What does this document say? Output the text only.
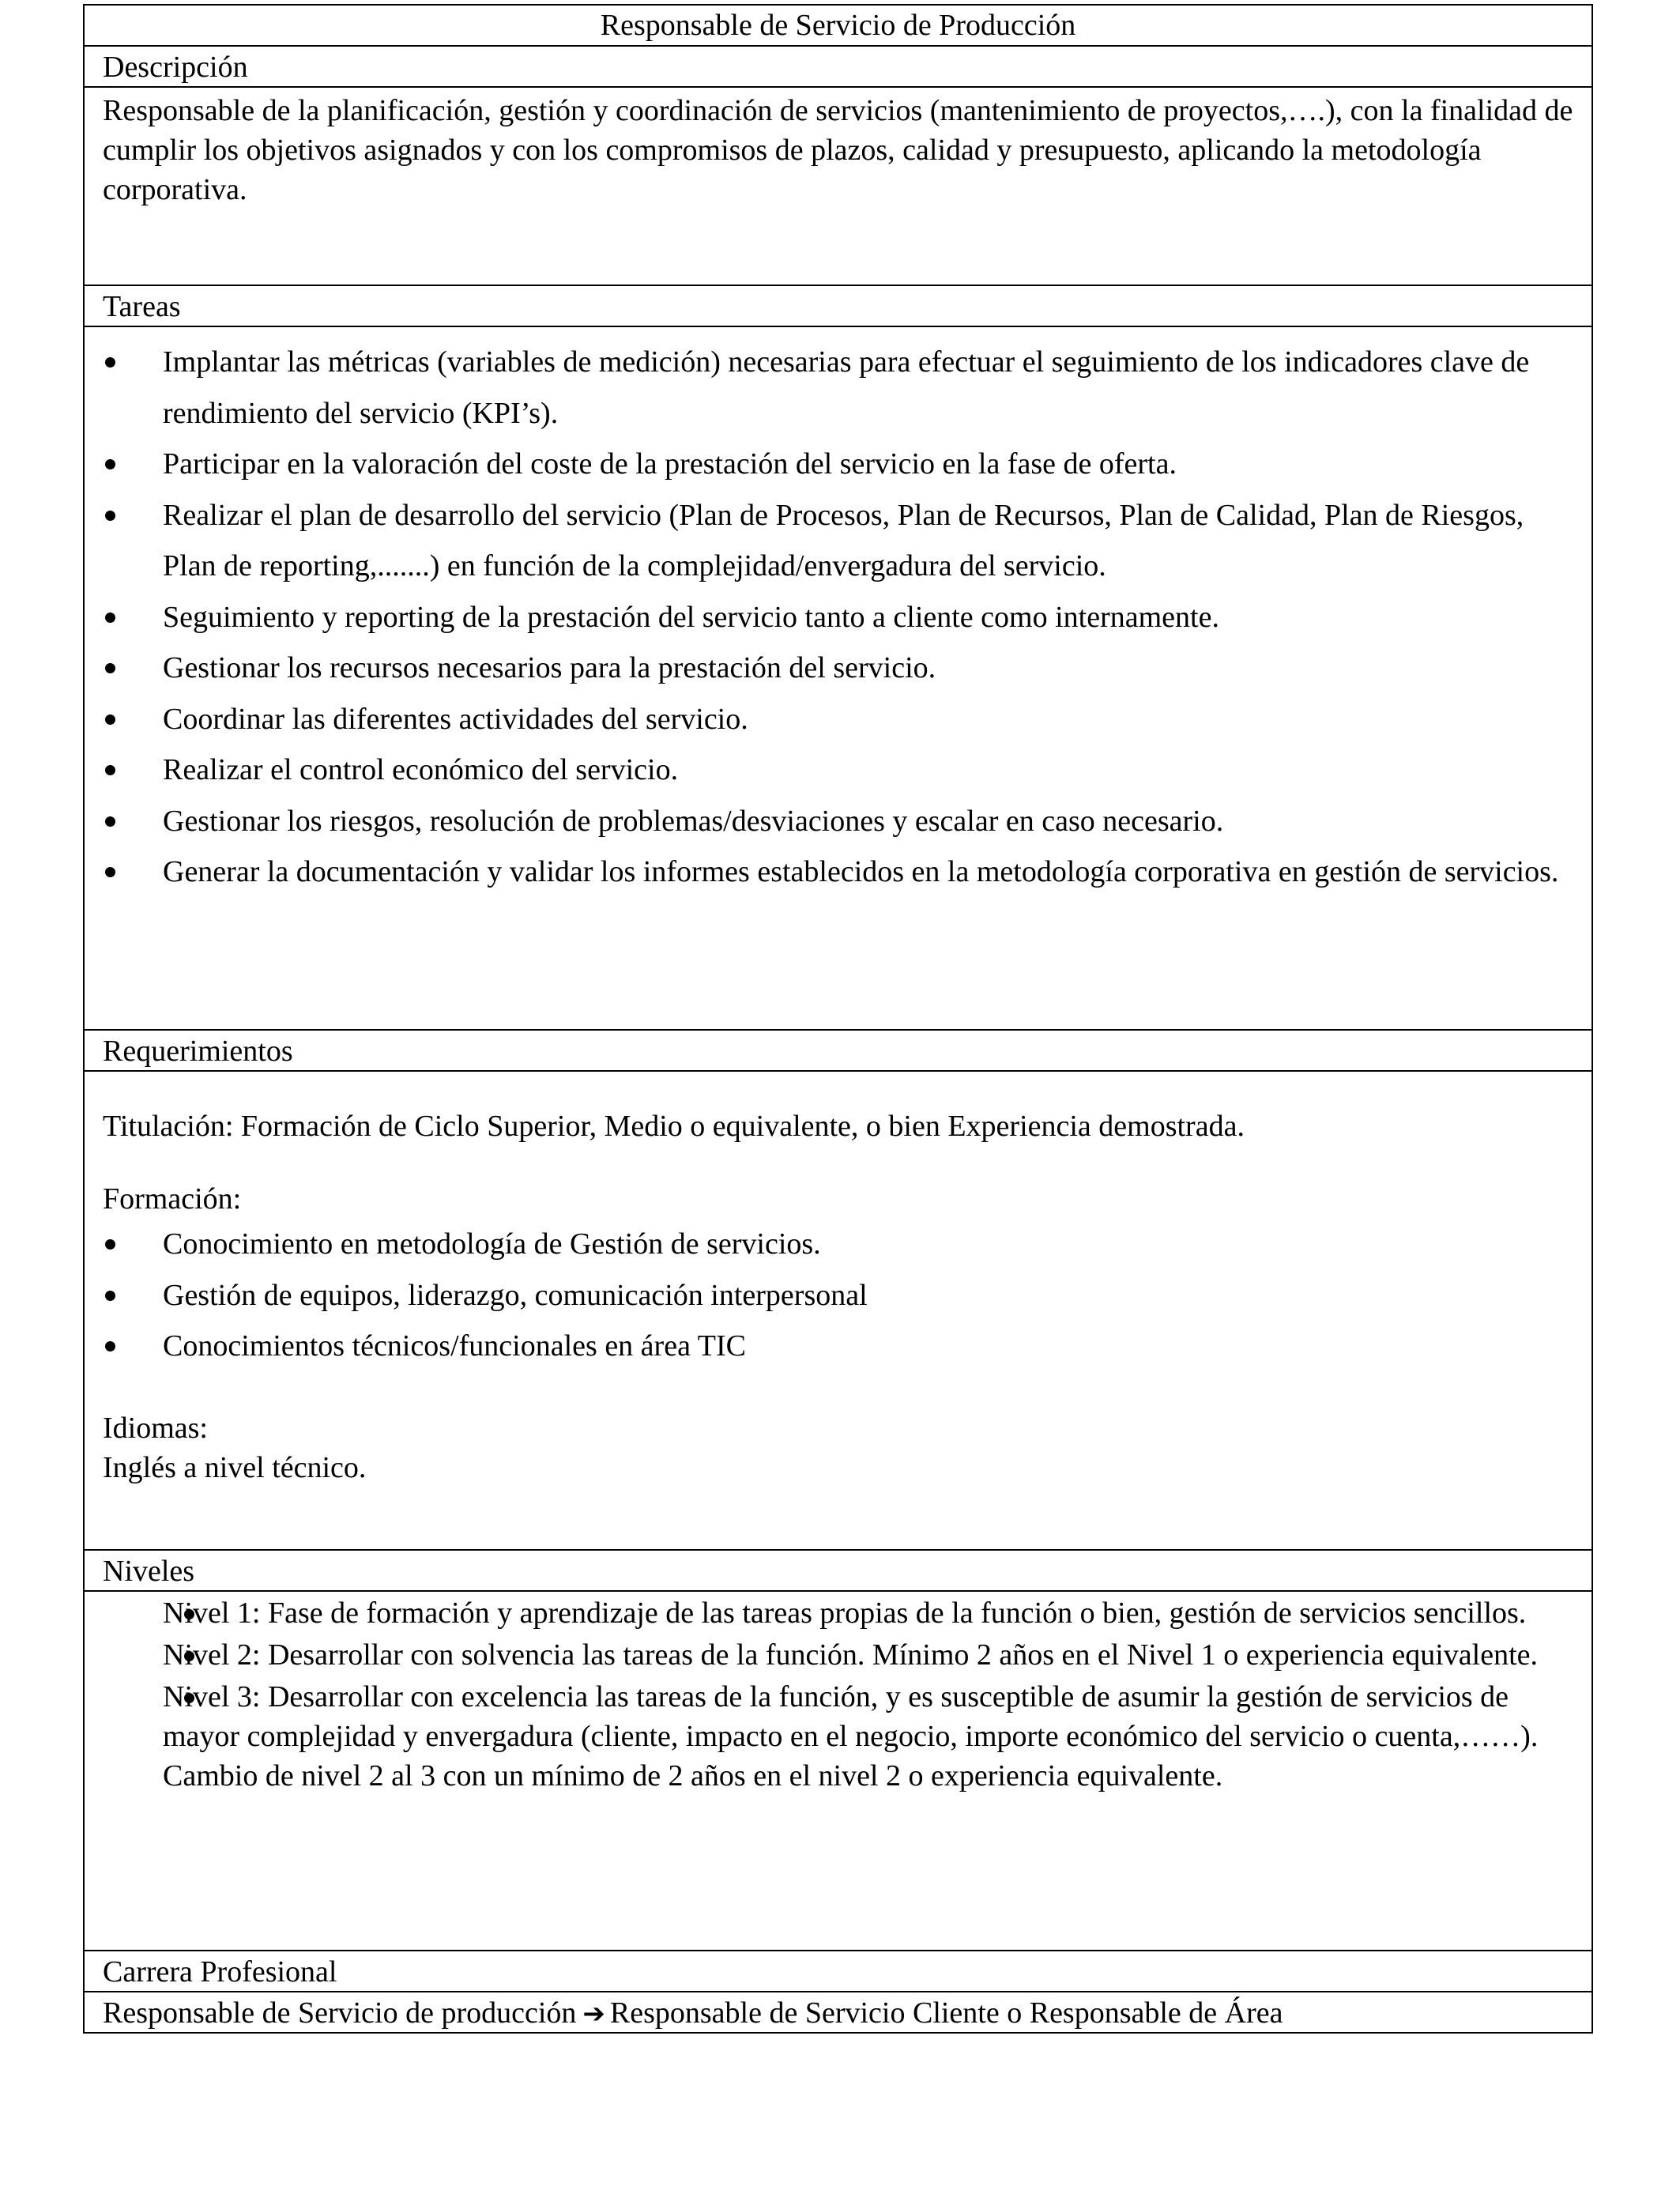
Responsable de Servicio de Producción
Descripción
Responsable de la planificación, gestión y coordinación de servicios (mantenimiento de proyectos,….), con la finalidad de cumplir los objetivos asignados y con los compromisos de plazos, calidad y presupuesto, aplicando la metodología corporativa.
Tareas
Implantar las métricas (variables de medición) necesarias para efectuar el seguimiento de los indicadores clave de rendimiento del servicio (KPI’s).
Participar en la valoración del coste de la prestación del servicio en la fase de oferta.
Realizar el plan de desarrollo del servicio (Plan de Procesos, Plan de Recursos, Plan de Calidad, Plan de Riesgos, Plan de reporting,.......) en función de la complejidad/envergadura del servicio.
Seguimiento y reporting de la prestación del servicio tanto a cliente como internamente.
Gestionar los recursos necesarios para la prestación del servicio.
Coordinar las diferentes actividades del servicio.
Realizar el control económico del servicio.
Gestionar los riesgos, resolución de problemas/desviaciones y escalar en caso necesario.
Generar la documentación y validar los informes establecidos en la metodología corporativa en gestión de servicios.
Requerimientos
Titulación: Formación de Ciclo Superior, Medio o equivalente, o bien Experiencia demostrada.
Formación:
Conocimiento en metodología de Gestión de servicios.
Gestión de equipos, liderazgo, comunicación interpersonal
Conocimientos técnicos/funcionales en área TIC
Idiomas:
Inglés a nivel técnico.
Niveles
Nivel 1: Fase de formación y aprendizaje de las tareas propias de la función o bien, gestión de servicios sencillos.
Nivel 2: Desarrollar con solvencia las tareas de la función. Mínimo 2 años en el Nivel 1 o experiencia equivalente.
Nivel 3: Desarrollar con excelencia las tareas de la función, y es susceptible de asumir la gestión de servicios de mayor complejidad y envergadura (cliente, impacto en el negocio, importe económico del servicio o cuenta,……). Cambio de nivel 2 al 3 con un mínimo de 2 años en el nivel 2 o experiencia equivalente.
Carrera Profesional
Responsable de Servicio de producción ➔ Responsable de Servicio Cliente o Responsable de Área
